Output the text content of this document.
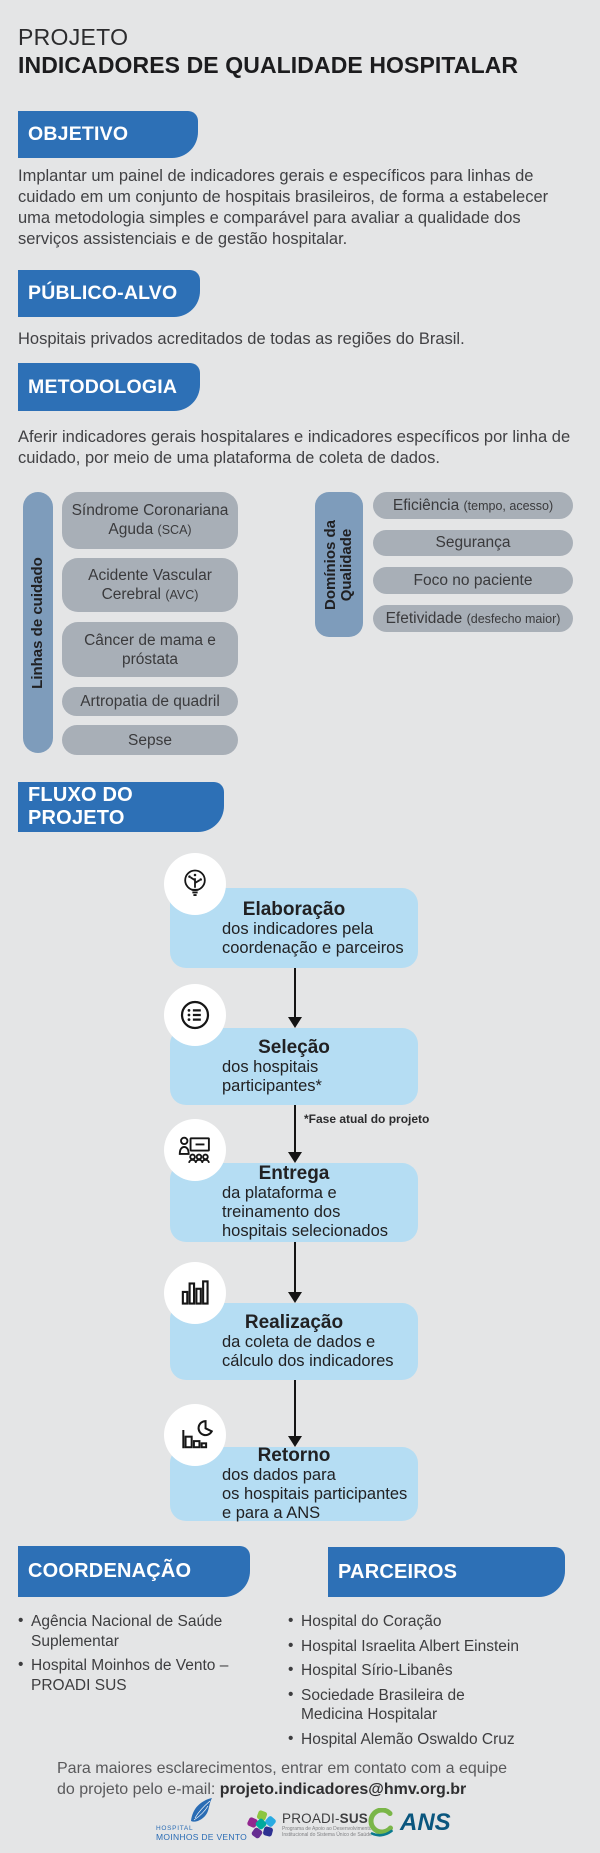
PROJETO
INDICADORES DE QUALIDADE HOSPITALAR
OBJETIVO
Implantar um painel de indicadores gerais e específicos para linhas de cuidado em um conjunto de hospitais brasileiros, de forma a estabelecer uma metodologia simples e comparável para avaliar a qualidade dos serviços assistenciais e de gestão hospitalar.
PÚBLICO-ALVO
Hospitais privados acreditados de todas as regiões do Brasil.
METODOLOGIA
Aferir indicadores gerais hospitalares e indicadores específicos por linha de cuidado, por meio de uma plataforma de coleta de dados.
Linhas de cuidado
Síndrome Coronariana
Aguda (SCA)
Acidente Vascular
Cerebral (AVC)
Câncer de mama e
próstata
Artropatia de quadril
Sepse
Domínios da Qualidade
Eficiência (tempo, acesso)
Segurança
Foco no paciente
Efetividade (desfecho maior)
FLUXO DO PROJETO
Elaboração
dos indicadores pela
coordenação e parceiros
Seleção
dos hospitais
participantes*
*Fase atual do projeto
Entrega
da plataforma e
treinamento dos
hospitais selecionados
Realização
da coleta de dados e
cálculo dos indicadores
Retorno
dos dados para
os hospitais participantes
e para a ANS
COORDENAÇÃO	PARCEIROS
• Agência Nacional de Saúde Suplementar
• Hospital Moinhos de Vento – PROADI SUS
• Hospital do Coração
• Hospital Israelita Albert Einstein
• Hospital Sírio-Libanês
• Sociedade Brasileira de Medicina Hospitalar
• Hospital Alemão Oswaldo Cruz
Para maiores esclarecimentos, entrar em contato com a equipe
do projeto pelo e-mail: projeto.indicadores@hmv.org.br
HOSPITAL
MOINHOS DE VENTO
PROADI-SUS
Programa de Apoio ao Desenvolvimento
Institucional do Sistema Único de Saúde ANS
